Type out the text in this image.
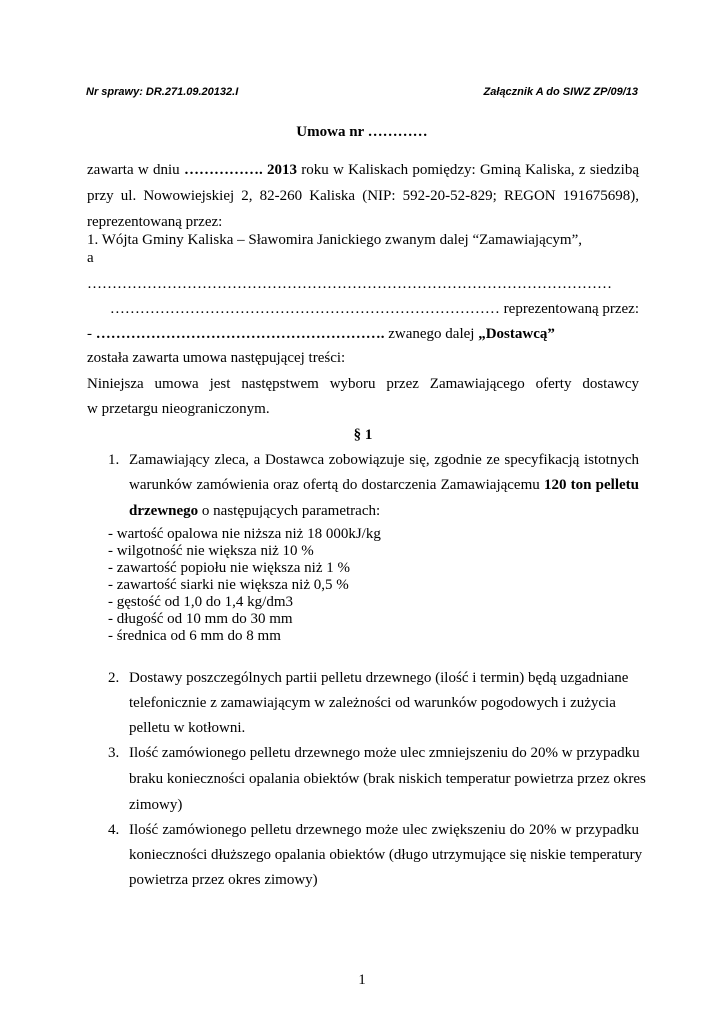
Nr sprawy: DR.271.09.20132.I	Załącznik A do SIWZ ZP/09/13
Umowa nr …………
zawarta w dniu ……………. 2013 roku w Kaliskach pomiędzy: Gminą Kaliska, z siedzibą
przy ul. Nowowiejskiej 2, 82-260 Kaliska (NIP: 592-20-52-829; REGON 191675698),
reprezentowaną przez:
1. Wójta Gminy Kaliska – Sławomira Janickiego zwanym dalej “Zamawiającym”,
a
……………………………………………………………………………………………
…………………………………………………………………… reprezentowaną przez:
- …………………………………………………. zwanego dalej „Dostawcą”
została zawarta umowa następującej treści:
Niniejsza umowa jest następstwem wyboru przez Zamawiającego oferty dostawcy
w przetargu nieograniczonym.
§ 1
1. Zamawiający zleca, a Dostawca zobowiązuje się, zgodnie ze specyfikacją istotnych
warunków zamówienia oraz ofertą do dostarczenia Zamawiającemu 120 ton pelletu
drzewnego o następujących parametrach:
- wartość opalowa nie niższa niż 18 000kJ/kg
- wilgotność nie większa niż 10 %
- zawartość popiołu nie większa niż 1 %
- zawartość siarki nie większa niż 0,5 %
- gęstość od 1,0 do 1,4 kg/dm3
- długość od 10 mm do 30 mm
- średnica od 6 mm do 8 mm
2. Dostawy poszczególnych partii pelletu drzewnego (ilość i termin) będą uzgadniane
telefonicznie z zamawiającym w zależności od warunków pogodowych i zużycia
pelletu w kotłowni.
3. Ilość zamówionego pelletu drzewnego może ulec zmniejszeniu do 20% w przypadku
braku konieczności opalania obiektów (brak niskich temperatur powietrza przez okres
zimowy)
4. Ilość zamówionego pelletu drzewnego może ulec zwiększeniu do 20% w przypadku
konieczności dłuższego opalania obiektów (długo utrzymujące się niskie temperatury
powietrza przez okres zimowy)
1
